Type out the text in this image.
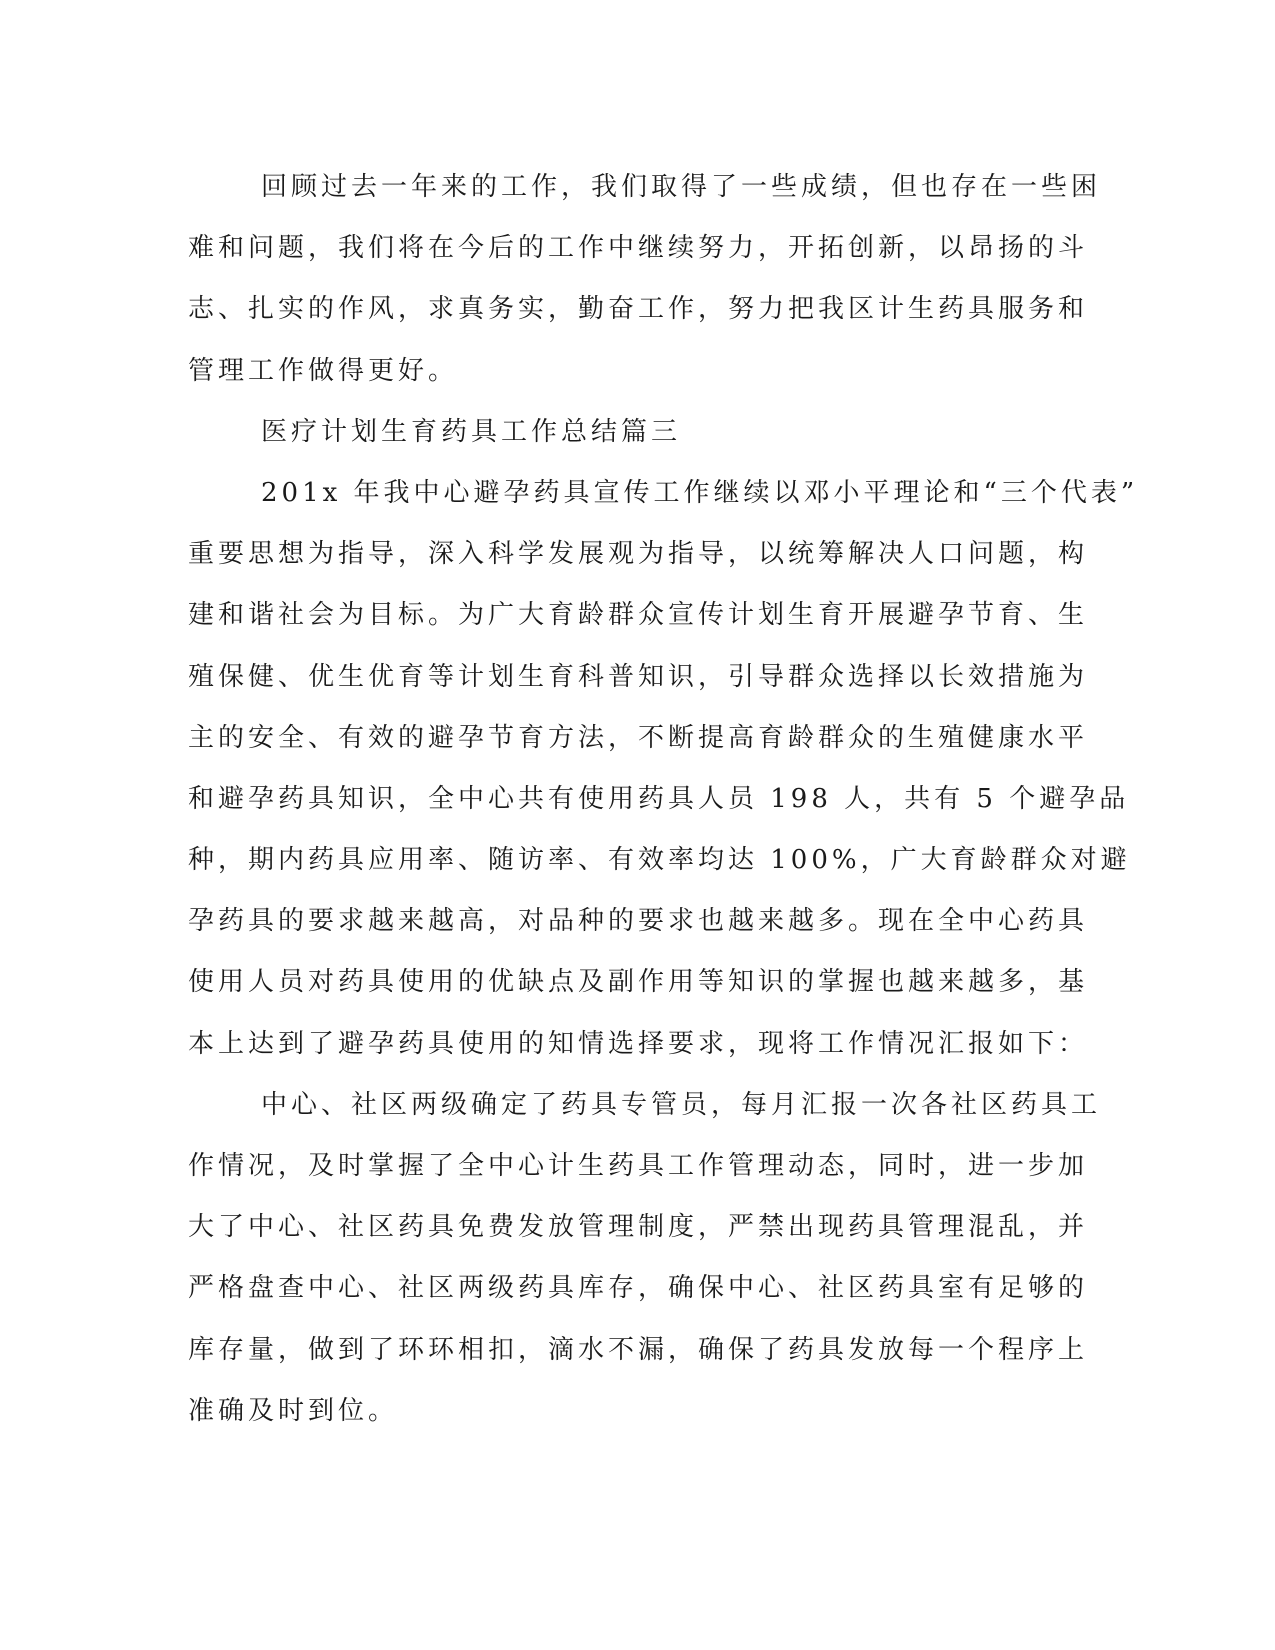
回顾过去一年来的工作，我们取得了一些成绩，但也存在一些困
难和问题，我们将在今后的工作中继续努力，开拓创新，以昂扬的斗
志、扎实的作风，求真务实，勤奋工作，努力把我区计生药具服务和
管理工作做得更好。
医疗计划生育药具工作总结篇三
201x 年我中心避孕药具宣传工作继续以邓小平理论和“三个代表”
重要思想为指导，深入科学发展观为指导，以统筹解决人口问题，构
建和谐社会为目标。为广大育龄群众宣传计划生育开展避孕节育、生
殖保健、优生优育等计划生育科普知识，引导群众选择以长效措施为
主的安全、有效的避孕节育方法，不断提高育龄群众的生殖健康水平
和避孕药具知识，全中心共有使用药具人员 198 人，共有 5 个避孕品
种，期内药具应用率、随访率、有效率均达 100%，广大育龄群众对避
孕药具的要求越来越高，对品种的要求也越来越多。现在全中心药具
使用人员对药具使用的优缺点及副作用等知识的掌握也越来越多，基
本上达到了避孕药具使用的知情选择要求，现将工作情况汇报如下：
中心、社区两级确定了药具专管员，每月汇报一次各社区药具工
作情况，及时掌握了全中心计生药具工作管理动态，同时，进一步加
大了中心、社区药具免费发放管理制度，严禁出现药具管理混乱，并
严格盘查中心、社区两级药具库存，确保中心、社区药具室有足够的
库存量，做到了环环相扣，滴水不漏，确保了药具发放每一个程序上
准确及时到位。
